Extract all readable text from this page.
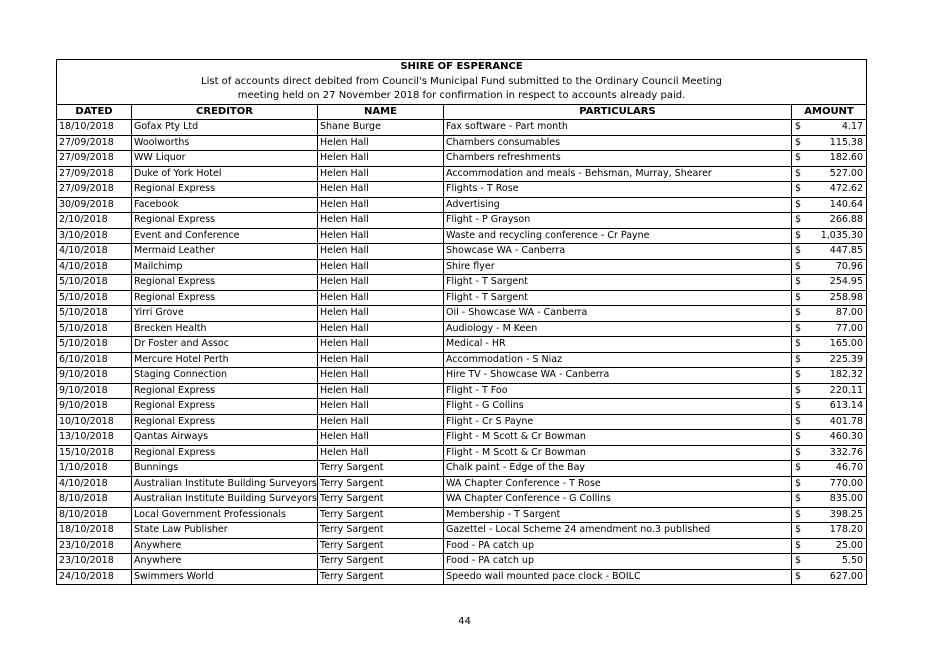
SHIRE OF ESPERANCE				
List of accounts direct debited from Council's Municipal Fund submitted to the Ordinary Council Meeting				
meeting held on 27 November 2018 for confirmation in respect to accounts already paid.				
DATED	CREDITOR	NAME	PARTICULARS	AMOUNT
18/10/2018	Gofax Pty Ltd	Shane Burge	Fax software - Part month	$ 4.17

27/09/2018	Woolworths	Helen Hall	Chambers consumables	$ 115.38

27/09/2018	WW Liquor	Helen Hall	Chambers refreshments	$ 182.60

27/09/2018	Duke of York Hotel	Helen Hall	Accommodation and meals - Behsman, Murray, Shearer	$ 527.00

27/09/2018	Regional Express	Helen Hall	Flights - T Rose	$ 472.62

30/09/2018	Facebook	Helen Hall	Advertising	$ 140.64

2/10/2018	Regional Express	Helen Hall	Flight - P Grayson	$ 266.88

3/10/2018	Event and Conference	Helen Hall	Waste and recycling conference - Cr Payne	$ 1,035.30

4/10/2018	Mermaid Leather	Helen Hall	Showcase WA - Canberra	$ 447.85

4/10/2018	Mailchimp	Helen Hall	Shire flyer	$ 70.96

5/10/2018	Regional Express	Helen Hall	Flight - T Sargent	$ 254.95

5/10/2018	Regional Express	Helen Hall	Flight - T Sargent	$ 258.98

5/10/2018	Yirri Grove	Helen Hall	Oil - Showcase WA - Canberra	$ 87.00

5/10/2018	Brecken Health	Helen Hall	Audiology - M Keen	$ 77.00

5/10/2018	Dr Foster and Assoc	Helen Hall	Medical - HR	$ 165.00

6/10/2018	Mercure Hotel Perth	Helen Hall	Accommodation - S Niaz	$ 225.39

9/10/2018	Staging Connection	Helen Hall	Hire TV - Showcase WA - Canberra	$ 182.32

9/10/2018	Regional Express	Helen Hall	Flight - T Foo	$ 220.11

9/10/2018	Regional Express	Helen Hall	Flight - G Collins	$ 613.14

10/10/2018	Regional Express	Helen Hall	Flight - Cr S Payne	$ 401.78

13/10/2018	Qantas Airways	Helen Hall	Flight - M Scott & Cr Bowman	$ 460.30

15/10/2018	Regional Express	Helen Hall	Flight - M Scott & Cr Bowman	$ 332.76

1/10/2018	Bunnings	Terry Sargent	Chalk paint - Edge of the Bay	$ 46.70

4/10/2018	Australian Institute Building Surveyors	Terry Sargent	WA Chapter Conference - T Rose	$ 770.00

8/10/2018	Australian Institute Building Surveyors	Terry Sargent	WA Chapter Conference - G Collins	$ 835.00

8/10/2018	Local Government Professionals	Terry Sargent	Membership - T Sargent	$ 398.25

18/10/2018	State Law Publisher	Terry Sargent	Gazettel - Local Scheme 24 amendment no.3 published	$ 178.20

23/10/2018	Anywhere	Terry Sargent	Food - PA catch up	$ 25.00

23/10/2018	Anywhere	Terry Sargent	Food - PA catch up	$ 5.50

24/10/2018	Swimmers World	Terry Sargent	Speedo wall mounted pace clock - BOILC	$ 627.00
44
